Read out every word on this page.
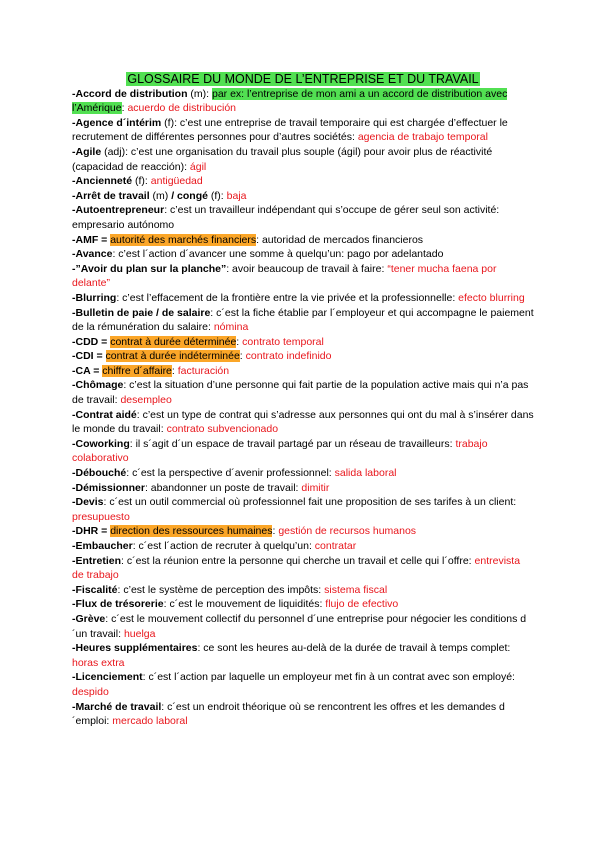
GLOSSAIRE DU MONDE DE L’ENTREPRISE ET DU TRAVAIL

-Accord de distribution (m): par ex: l’entreprise de mon ami a un accord de distribution avec l’Amérique: acuerdo de distribución

-Agence d´intérim (f): c’est une entreprise de travail temporaire qui est chargée d’effectuer le recrutement de différentes personnes pour d’autres sociétés: agencia de trabajo temporal

-Agile (adj): c’est une organisation du travail plus souple (ágil) pour avoir plus de réactivité (capacidad de reacción): ágil

-Ancienneté (f): antigüedad

-Arrêt de travail (m) / congé (f): baja

-Autoentrepreneur: c’est un travailleur indépendant qui s’occupe de gérer seul son activité: empresario autónomo

-AMF = autorité des marchés financiers: autoridad de mercados financieros

-Avance: c’est l´action d´avancer une somme à quelqu’un: pago por adelantado

-”Avoir du plan sur la planche”: avoir beaucoup de travail à faire: “tener mucha faena por delante”

-Blurring: c’est l’effacement de la frontière entre la vie privée et la professionnelle: efecto blurring

-Bulletin de paie / de salaire: c´est la fiche établie par l´employeur et qui accompagne le paiement de la rémunération du salaire: nómina

-CDD = contrat à durée déterminée: contrato temporal

-CDI = contrat à durée indéterminée: contrato indefinido

-CA = chiffre d´affaire: facturación

-Chômage: c’est la situation d’une personne qui fait partie de la population active mais qui n’a pas de travail: desempleo

-Contrat aidé: c’est un type de contrat qui s’adresse aux personnes qui ont du mal à s’insérer dans le monde du travail: contrato subvencionado

-Coworking: il s´agit d´un espace de travail partagé par un réseau de travailleurs: trabajo colaborativo

-Débouché: c´est la perspective d´avenir professionnel: salida laboral

-Démissionner: abandonner un poste de travail: dimitir

-Devis: c´est un outil commercial où professionnel fait une proposition de ses tarifes à un client: presupuesto

-DHR = direction des ressources humaines: gestión de recursos humanos

-Embaucher: c´est l´action de recruter à quelqu’un: contratar

-Entretien: c´est la réunion entre la personne qui cherche un travail et celle qui l´offre: entrevista de trabajo

-Fiscalité: c’est le système de perception des impôts: sistema fiscal

-Flux de trésorerie: c´est le mouvement de liquidités: flujo de efectivo

-Grève: c´est le mouvement collectif du personnel d´une entreprise pour négocier les conditions d´un travail: huelga

-Heures supplémentaires: ce sont les heures au-delà de la durée de travail à temps complet: horas extra

-Licenciement: c´est l´action par laquelle un employeur met fin à un contrat avec son employé: despido

-Marché de travail: c´est un endroit théorique où se rencontrent les offres et les demandes d´emploi: mercado laboral
